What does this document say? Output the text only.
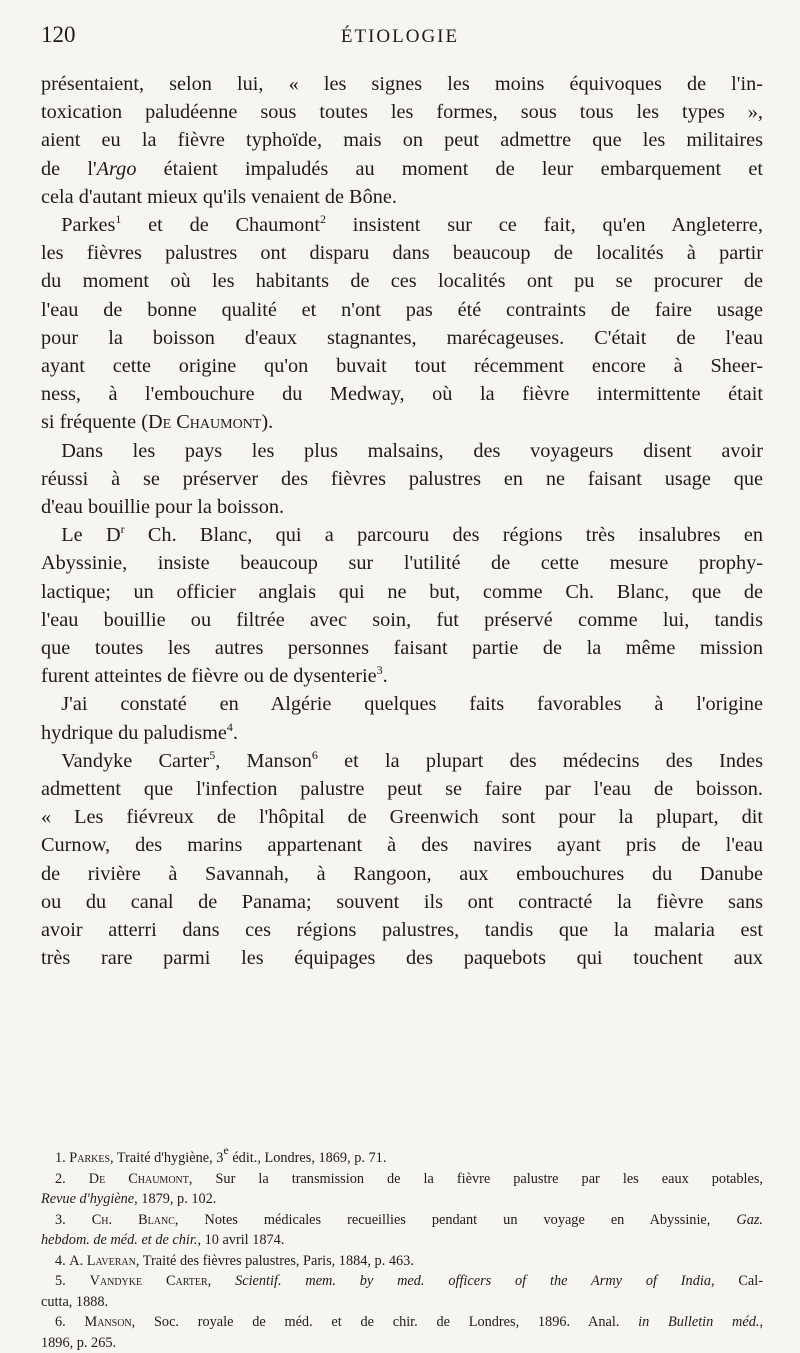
120	ÉTIOLOGIE

présentaient, selon lui, « les signes les moins équivoques de l'in-
toxication paludéenne sous toutes les formes, sous tous les types »,
aient eu la fièvre typhoïde, mais on peut admettre que les militaires
de l'Argo étaient impaludés au moment de leur embarquement et
cela d'autant mieux qu'ils venaient de Bône.

 Parkes$^1$ et de Chaumont$^2$ insistent sur ce fait, qu'en Angleterre,
les fièvres palustres ont disparu dans beaucoup de localités à partir
du moment où les habitants de ces localités ont pu se procurer de
l'eau de bonne qualité et n'ont pas été contraints de faire usage
pour la boisson d'eaux stagnantes, marécageuses. C'était de l'eau
ayant cette origine qu'on buvait tout récemment encore à Sheer-
ness, à l'embouchure du Medway, où la fièvre intermittente était
si fréquente (De Chaumont).

 Dans les pays les plus malsains, des voyageurs disent avoir
réussi à se préserver des fièvres palustres en ne faisant usage que
d'eau bouillie pour la boisson.

 Le $D^r$ Ch. Blanc, qui a parcouru des régions très insalubres en
Abyssinie, insiste beaucoup sur l'utilité de cette mesure prophy-
lactique; un officier anglais qui ne but, comme Ch. Blanc, que de
l'eau bouillie ou filtrée avec soin, fut préservé comme lui, tandis
que toutes les autres personnes faisant partie de la même mission
furent atteintes de fièvre ou de dysenterie$^3$.

 J'ai constaté en Algérie quelques faits favorables à l'origine
hydrique du paludisme$^4$.

 Vandyke Carter$^5$, Manson$^6$ et la plupart des médecins des Indes
admettent que l'infection palustre peut se faire par l'eau de boisson.
« Les fiévreux de l'hôpital de Greenwich sont pour la plupart, dit
Curnow, des marins appartenant à des navires ayant pris de l'eau
de rivière à Savannah, à Rangoon, aux embouchures du Danube
ou du canal de Panama; souvent ils ont contracté la fièvre sans
avoir atterri dans ces régions palustres, tandis que la malaria est
très rare parmi les équipages des paquebots qui touchent aux

1. Parkes, Traité d'hygiène, 3e édit., Londres, 1869, p. 71.
2. De Chaumont, Sur la transmission de la fièvre palustre par les eaux potables,
Revue d'hygiène, 1879, p. 102.
3. Ch. Blanc, Notes médicales recueillies pendant un voyage en Abyssinie, Gaz.
hebdom. de méd. et de chir., 10 avril 1874.
4. A. Laveran, Traité des fièvres palustres, Paris, 1884, p. 463.
5. Vandyke Carter, Scientif. mem. by med. officers of the Army of India, Cal-
cutta, 1888.
6. Manson, Soc. royale de méd. et de chir. de Londres, 1896. Anal. in Bulletin méd.,
1896, p. 265.
